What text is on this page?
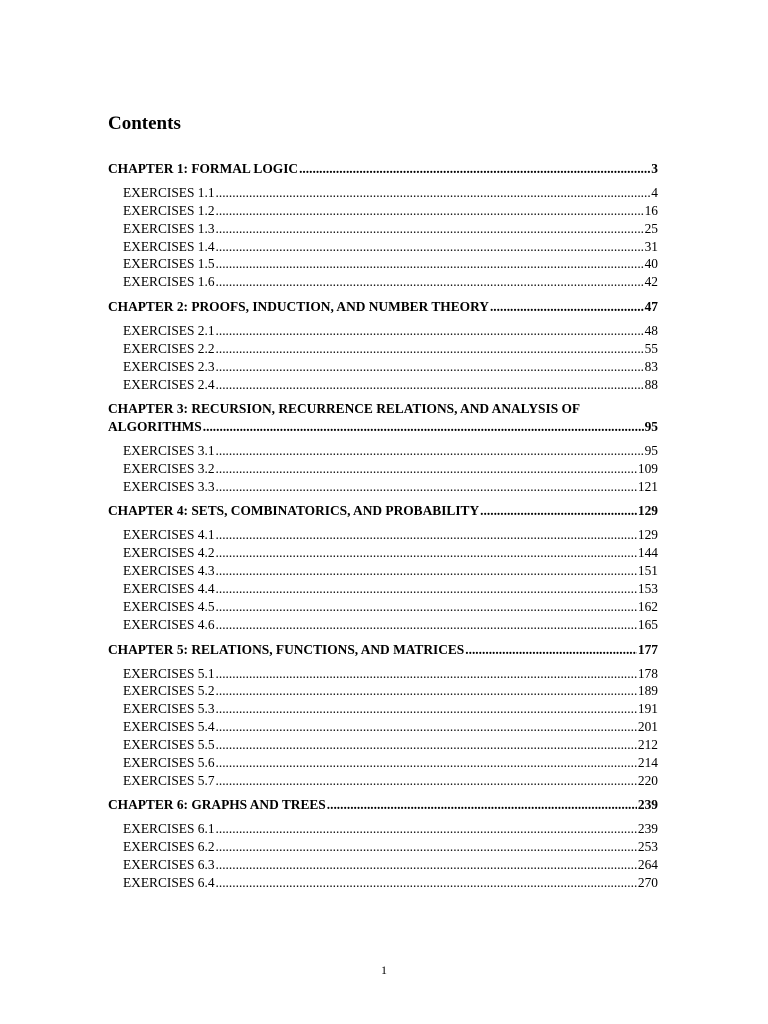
Contents
CHAPTER 1: FORMAL LOGIC .....	3
EXERCISES 1.1 .....	4
EXERCISES 1.2 .....	16
EXERCISES 1.3 .....	25
EXERCISES 1.4 .....	31
EXERCISES 1.5 .....	40
EXERCISES 1.6 .....	42
CHAPTER 2: PROOFS, INDUCTION, AND NUMBER THEORY .....	47
EXERCISES 2.1 .....	48
EXERCISES 2.2 .....	55
EXERCISES 2.3 .....	83
EXERCISES 2.4 .....	88
CHAPTER 3: RECURSION, RECURRENCE RELATIONS, AND ANALYSIS OF
ALGORITHMS .....	95
EXERCISES 3.1 .....	95
EXERCISES 3.2 .....	109
EXERCISES 3.3 .....	121
CHAPTER 4: SETS, COMBINATORICS, AND PROBABILITY .....	129
EXERCISES 4.1 .....	129
EXERCISES 4.2 .....	144
EXERCISES 4.3 .....	151
EXERCISES 4.4 .....	153
EXERCISES 4.5 .....	162
EXERCISES 4.6 .....	165
CHAPTER 5: RELATIONS, FUNCTIONS, AND MATRICES .....	177
EXERCISES 5.1 .....	178
EXERCISES 5.2 .....	189
EXERCISES 5.3 .....	191
EXERCISES 5.4 .....	201
EXERCISES 5.5 .....	212
EXERCISES 5.6 .....	214
EXERCISES 5.7 .....	220
CHAPTER 6: GRAPHS AND TREES .....	239
EXERCISES 6.1 .....	239
EXERCISES 6.2 .....	253
EXERCISES 6.3 .....	264
EXERCISES 6.4 .....	270
1
